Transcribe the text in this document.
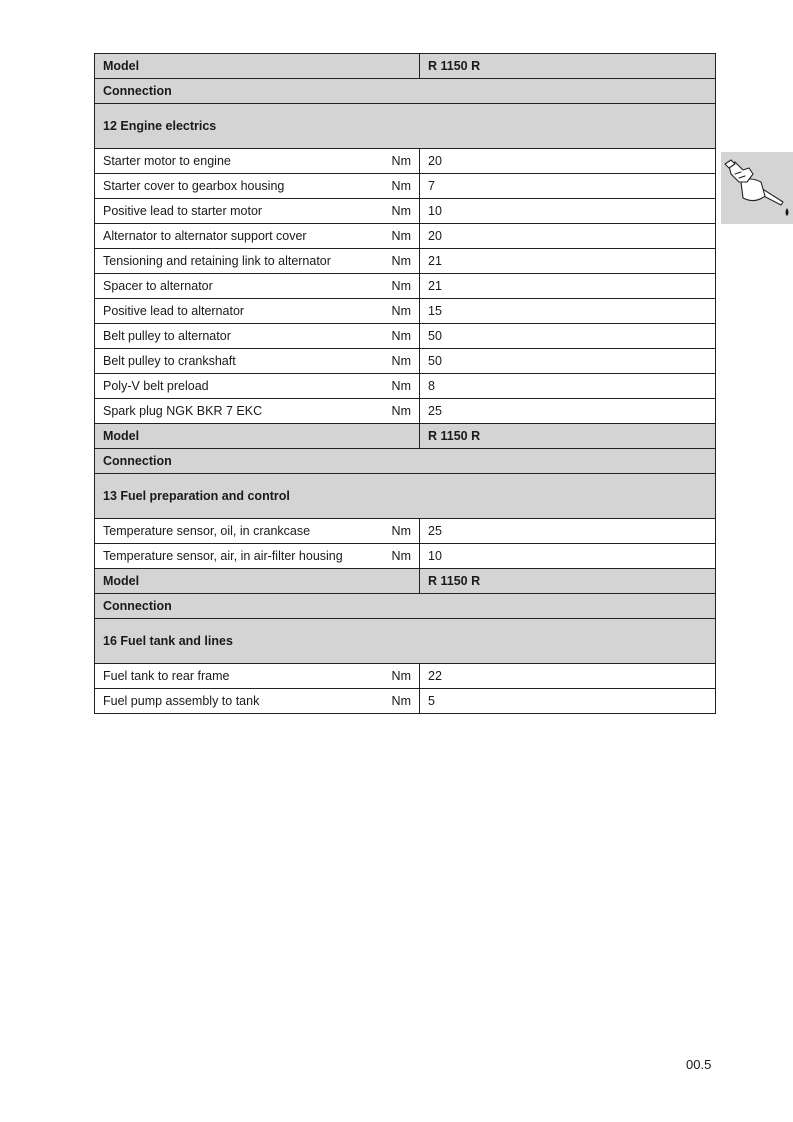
Model	R 1150 R
Connection	
12 Engine electrics	

Starter motor to engine Nm	20

Starter cover to gearbox housing Nm	7

Positive lead to starter motor Nm	10

Alternator to alternator support cover Nm	20

Tensioning and retaining link to alternator Nm	21

Spacer to alternator Nm	21

Positive lead to alternator Nm	15

Belt pulley to alternator Nm	50

Belt pulley to crankshaft Nm	50

Poly-V belt preload Nm	8

Spark plug NGK BKR 7 EKC Nm	25
Model	R 1150 R
Connection	
13 Fuel preparation and control	

Temperature sensor, oil, in crankcase Nm	25

Temperature sensor, air, in air-filter housing Nm	10
Model	R 1150 R
Connection	
16 Fuel tank and lines	

Fuel tank to rear frame Nm	22

Fuel pump assembly to tank Nm	5
00.5
